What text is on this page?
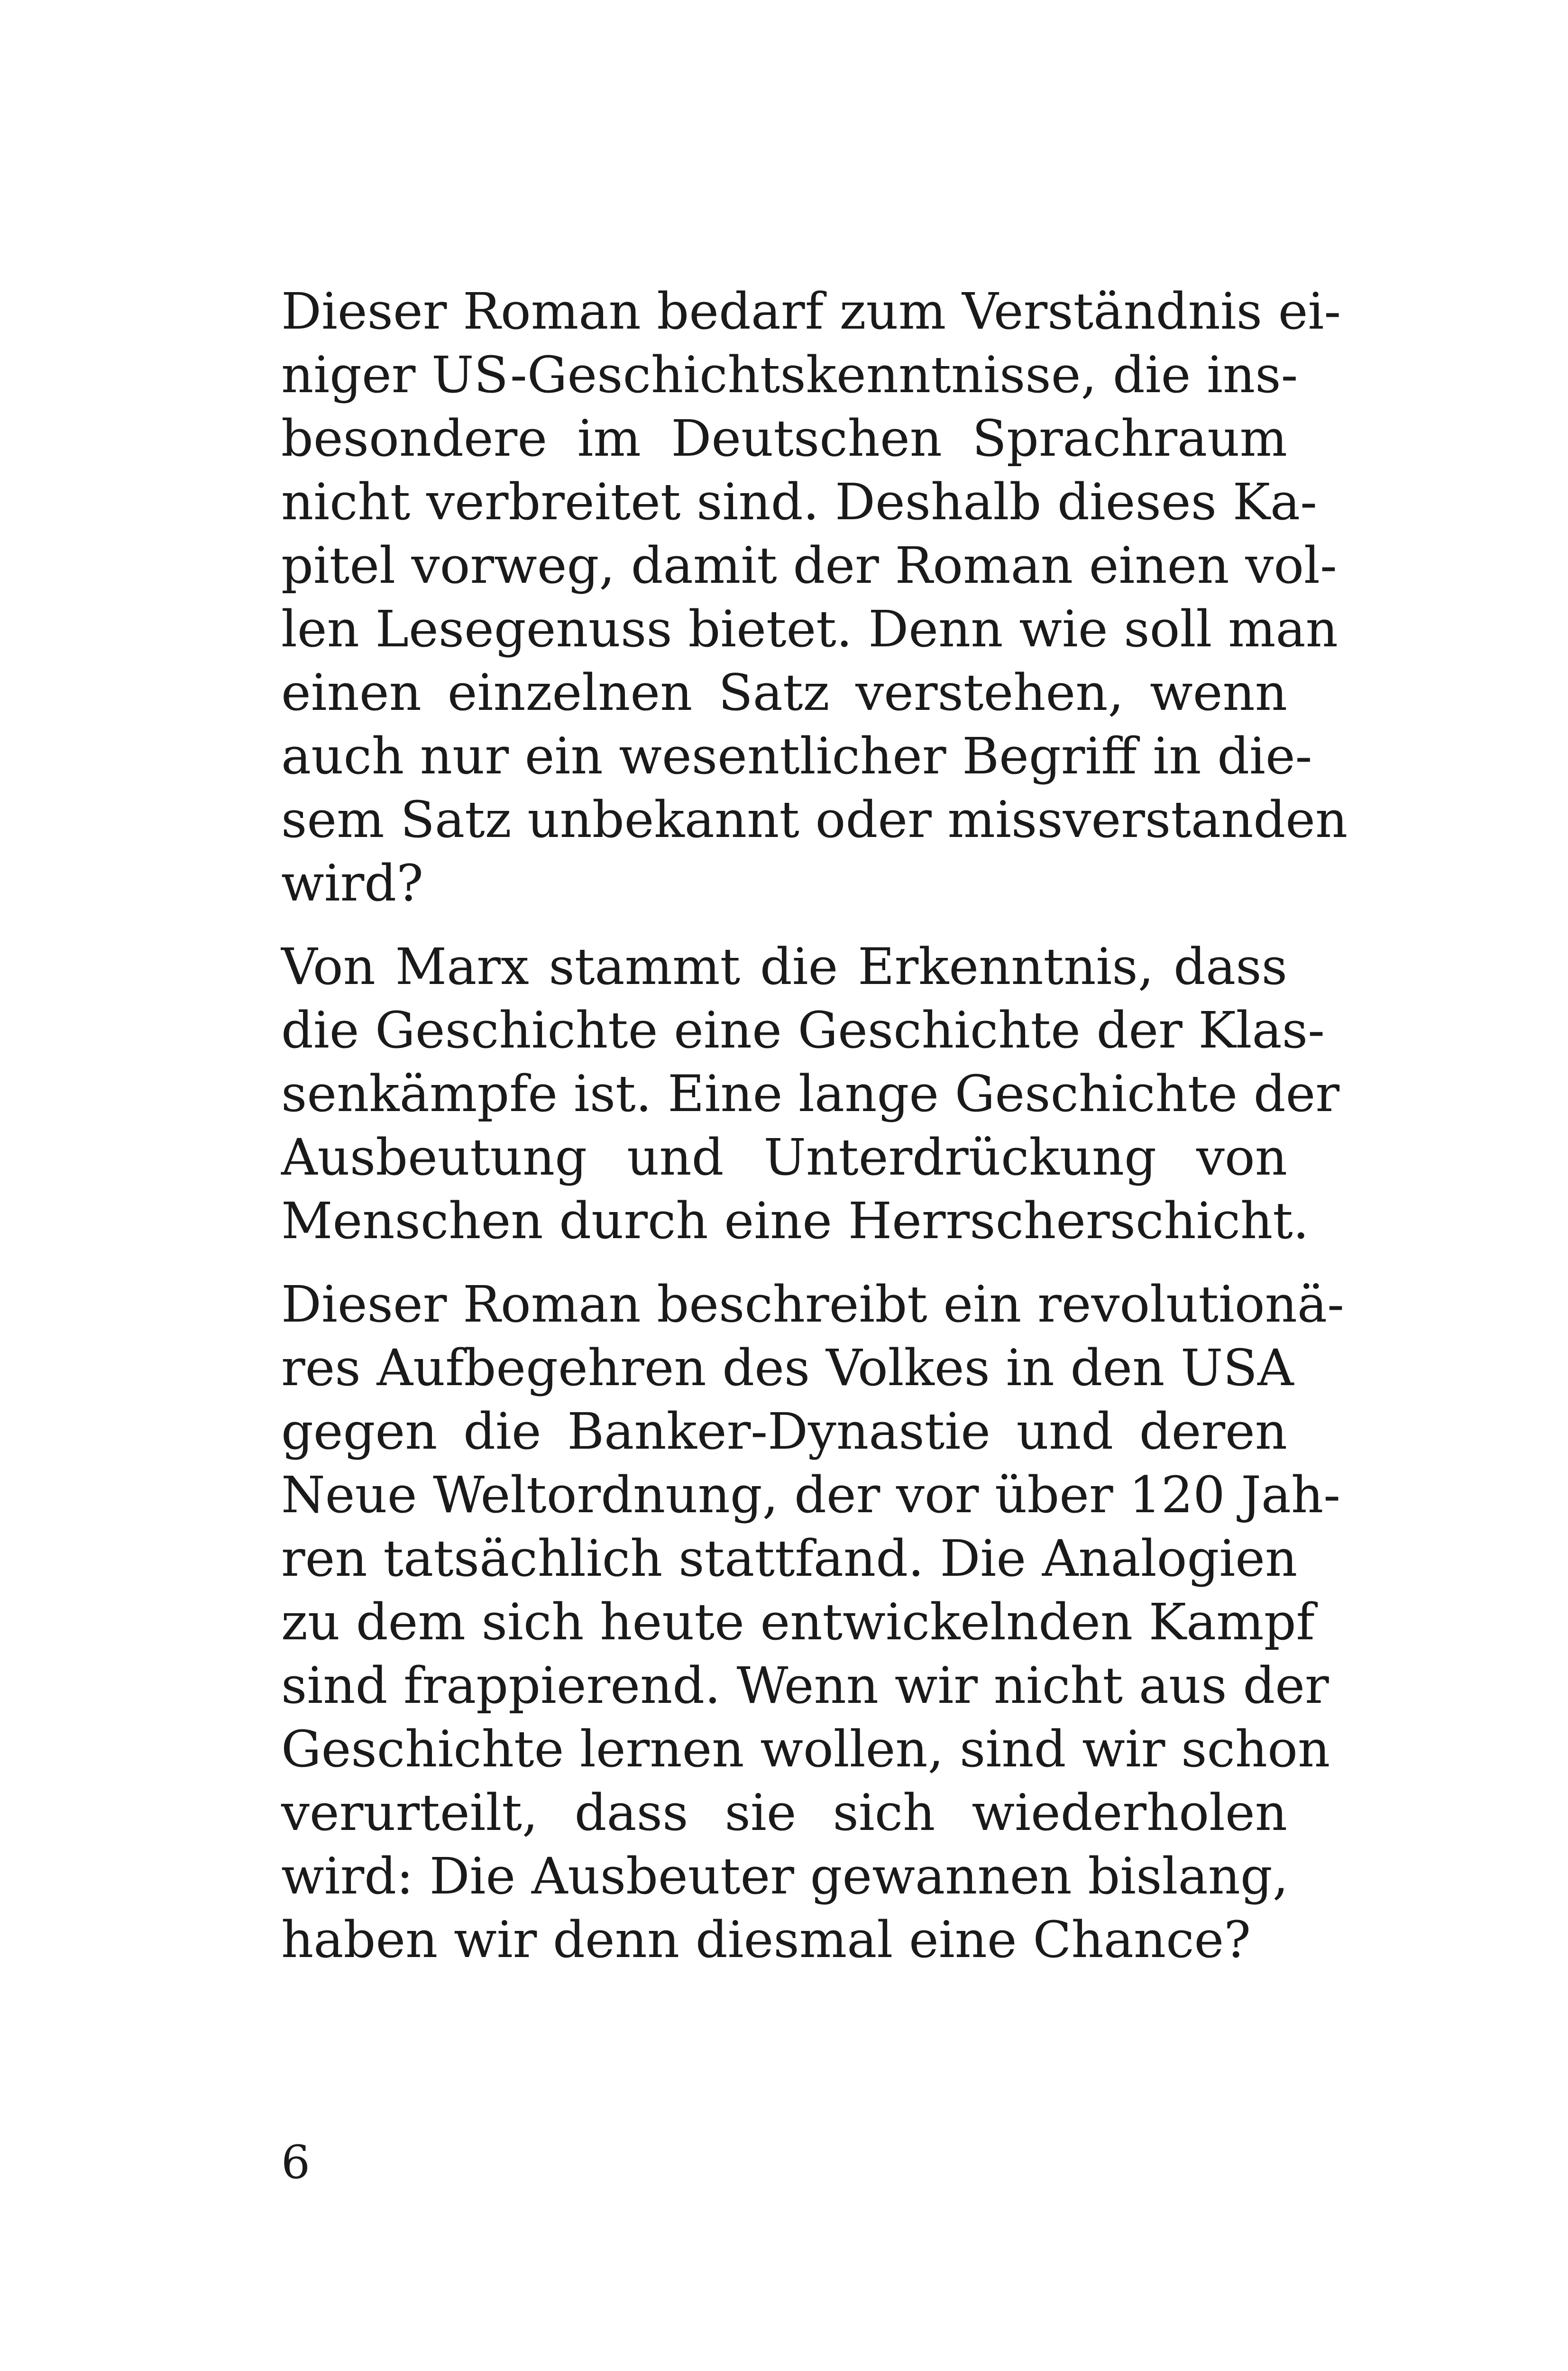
Dieser Roman bedarf zum Verständnis ei-
niger US-Geschichtskenntnisse, die ins-
besondere im Deutschen Sprachraum
nicht verbreitet sind. Deshalb dieses Ka-
pitel vorweg, damit der Roman einen vol-
len Lesegenuss bietet. Denn wie soll man
einen einzelnen Satz verstehen, wenn
auch nur ein wesentlicher Begriff in die-
sem Satz unbekannt oder missverstanden
wird?

Von Marx stammt die Erkenntnis, dass
die Geschichte eine Geschichte der Klas-
senkämpfe ist. Eine lange Geschichte der
Ausbeutung und Unterdrückung von
Menschen durch eine Herrscherschicht.

Dieser Roman beschreibt ein revolutionä-
res Aufbegehren des Volkes in den USA
gegen die Banker-Dynastie und deren
Neue Weltordnung, der vor über 120 Jah-
ren tatsächlich stattfand. Die Analogien
zu dem sich heute entwickelnden Kampf
sind frappierend. Wenn wir nicht aus der
Geschichte lernen wollen, sind wir schon
verurteilt, dass sie sich wiederholen
wird: Die Ausbeuter gewannen bislang,
haben wir denn diesmal eine Chance?

6
